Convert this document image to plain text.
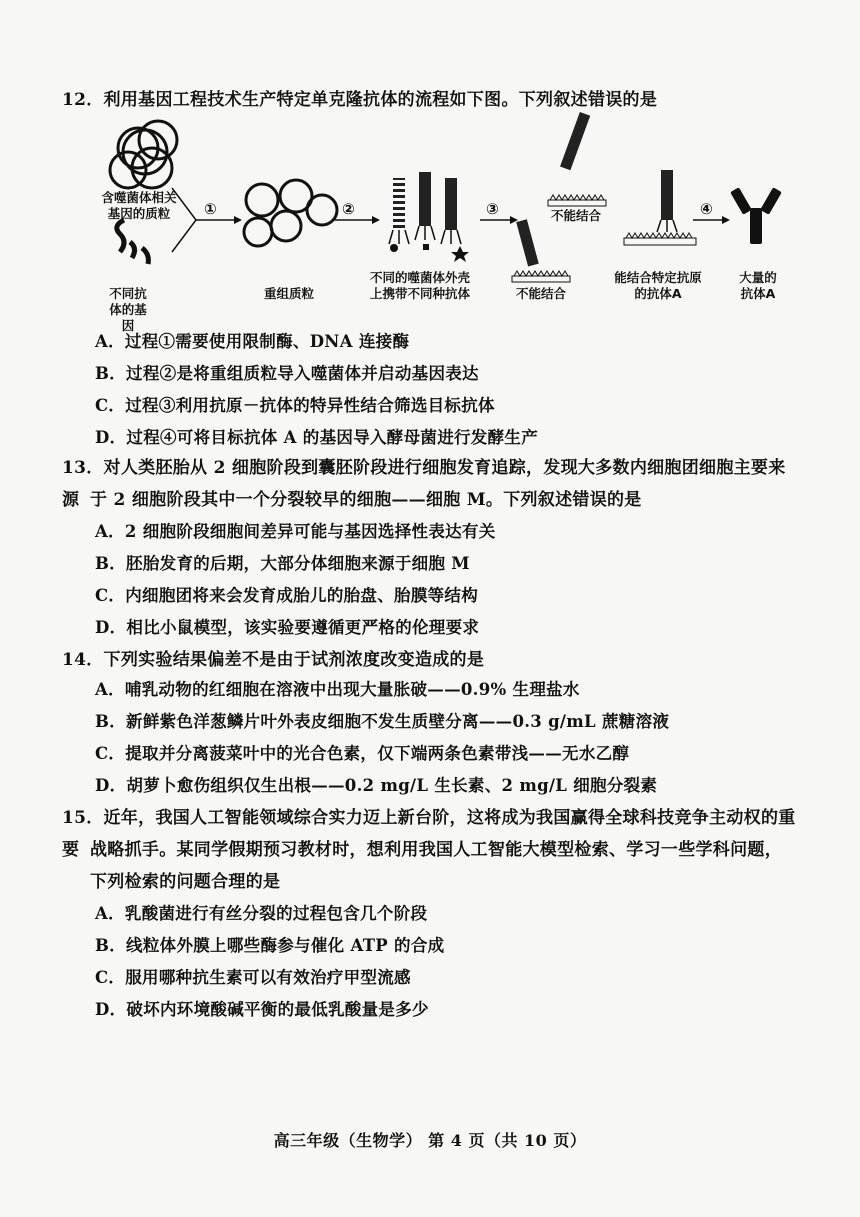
12．利用基因工程技术生产特定单克隆抗体的流程如下图。下列叙述错误的是
①	②	③	④
含噬菌体相关基因的质粒
不同抗体的基因
重组质粒
不同的噬菌体外壳上携带不同种抗体
不能结合
不能结合
能结合特定抗原的抗体A
大量的抗体A
A．过程①需要使用限制酶、DNA 连接酶
B．过程②是将重组质粒导入噬菌体并启动基因表达
C．过程③利用抗原－抗体的特异性结合筛选目标抗体
D．过程④可将目标抗体 A 的基因导入酵母菌进行发酵生产
13．对人类胚胎从 2 细胞阶段到囊胚阶段进行细胞发育追踪，发现大多数内细胞团细胞主要来源 于 2 细胞阶段其中一个分裂较早的细胞——细胞 M。下列叙述错误的是
A．2 细胞阶段细胞间差异可能与基因选择性表达有关
B．胚胎发育的后期，大部分体细胞来源于细胞 M
C．内细胞团将来会发育成胎儿的胎盘、胎膜等结构
D．相比小鼠模型，该实验要遵循更严格的伦理要求
14．下列实验结果偏差不是由于试剂浓度改变造成的是
A．哺乳动物的红细胞在溶液中出现大量胀破——0.9% 生理盐水
B．新鲜紫色洋葱鳞片叶外表皮细胞不发生质壁分离——0.3 g/mL 蔗糖溶液
C．提取并分离菠菜叶中的光合色素，仅下端两条色素带浅——无水乙醇
D．胡萝卜愈伤组织仅生出根——0.2 mg/L 生长素、2 mg/L 细胞分裂素
15．近年，我国人工智能领域综合实力迈上新台阶，这将成为我国赢得全球科技竞争主动权的重要 战略抓手。某同学假期预习教材时，想利用我国人工智能大模型检索、学习一些学科问题，
下列检索的问题合理的是
A．乳酸菌进行有丝分裂的过程包含几个阶段
B．线粒体外膜上哪些酶参与催化 ATP 的合成
C．服用哪种抗生素可以有效治疗甲型流感
D．破坏内环境酸碱平衡的最低乳酸量是多少
高三年级（生物学） 第 4 页（共 10 页）
